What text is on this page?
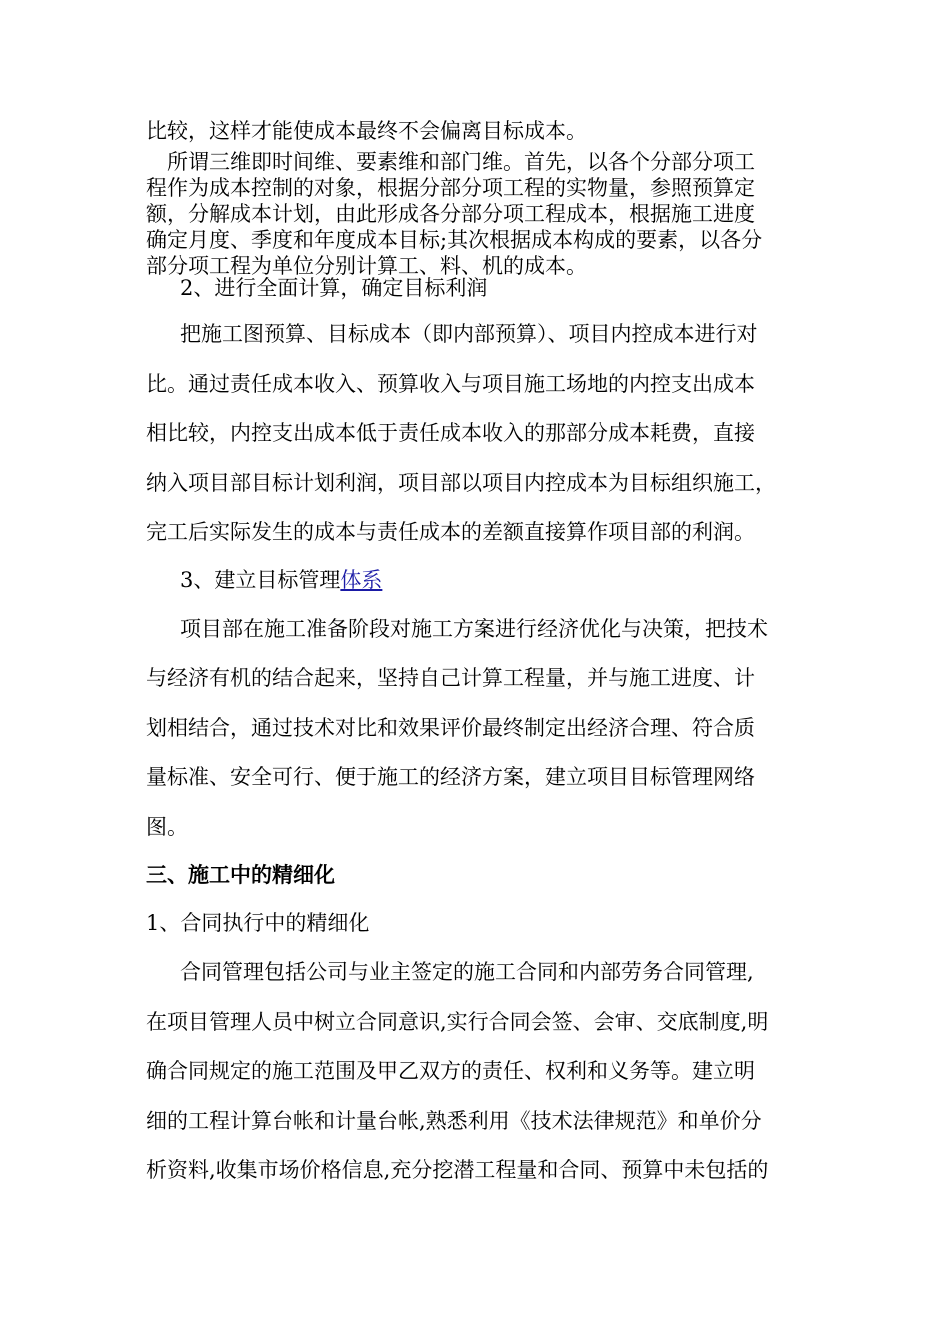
比较，这样才能使成本最终不会偏离目标成本。
　所谓三维即时间维、要素维和部门维。首先，以各个分部分项工
程作为成本控制的对象，根据分部分项工程的实物量，参照预算定
额，分解成本计划，由此形成各分部分项工程成本，根据施工进度
确定月度、季度和年度成本目标;其次根据成本构成的要素，以各分
部分项工程为单位分别计算工、料、机的成本。
2、进行全面计算，确定目标利润
把施工图预算、目标成本（即内部预算）、项目内控成本进行对
比。通过责任成本收入、预算收入与项目施工场地的内控支出成本
相比较，内控支出成本低于责任成本收入的那部分成本耗费，直接
纳入项目部目标计划利润，项目部以项目内控成本为目标组织施工，
完工后实际发生的成本与责任成本的差额直接算作项目部的利润。
3、建立目标管理体系
项目部在施工准备阶段对施工方案进行经济优化与决策，把技术
与经济有机的结合起来，坚持自己计算工程量，并与施工进度、计
划相结合，通过技术对比和效果评价最终制定出经济合理、符合质
量标准、安全可行、便于施工的经济方案，建立项目目标管理网络
图。
三、施工中的精细化
1、合同执行中的精细化
合同管理包括公司与业主签定的施工合同和内部劳务合同管理,
在项目管理人员中树立合同意识,实行合同会签、会审、交底制度,明
确合同规定的施工范围及甲乙双方的责任、权利和义务等。建立明
细的工程计算台帐和计量台帐,熟悉利用《技术法律规范》和单价分
析资料,收集市场价格信息,充分挖潜工程量和合同、预算中未包括的
